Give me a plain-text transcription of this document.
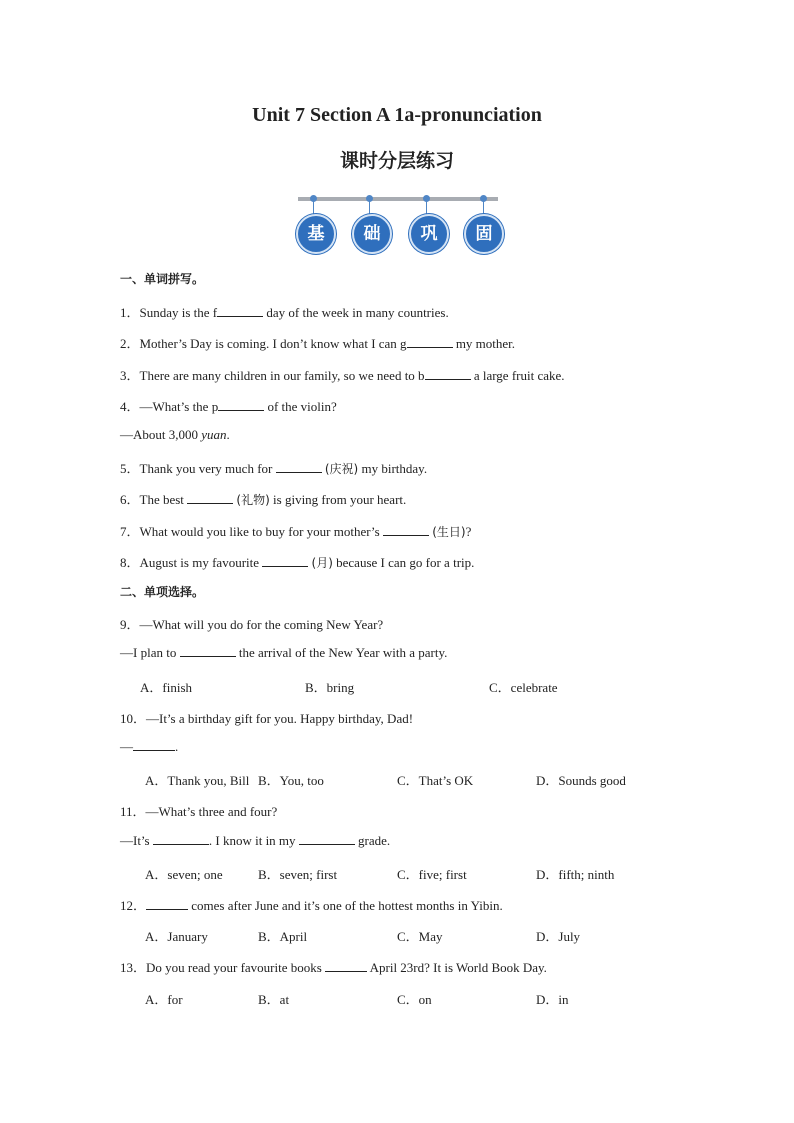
Unit 7 Section A 1a-pronunciation
课时分层练习
基	础	巩	固
一、单词拼写。
1．Sunday is the f	day of the week in many countries.
2．Mother’s Day is coming. I don’t know what I can g	my mother.
3．There are many children in our family, so we need to b	a large fruit cake.
4．—What’s the p	of the violin?
—About 3,000 yuan.
5．Thank you very much for	(庆祝) my birthday.
6．The best	(礼物) is giving from your heart.
7．What would you like to buy for your mother’s	(生日)?
8．August is my favourite	(月) because I can go for a trip.
二、单项选择。
9．—What will you do for the coming New Year?
—I plan to	the arrival of the New Year with a party.
A．finish	B．bring	C．celebrate
10．—It’s a birthday gift for you. Happy birthday, Dad!
—	.
A．Thank you, Bill B．You, too	C．That’s OK	D．Sounds good
11．—What’s three and four?
—It’s	. I know it in my	grade.
A．seven; one	B．seven; first	C．five; first	D．fifth; ninth
12．	comes after June and it’s one of the hottest months in Yibin.
A．January	B．April	C．May	D．July
13．Do you read your favourite books	April 23rd? It is World Book Day.
A．for	B．at	C．on	D．in
